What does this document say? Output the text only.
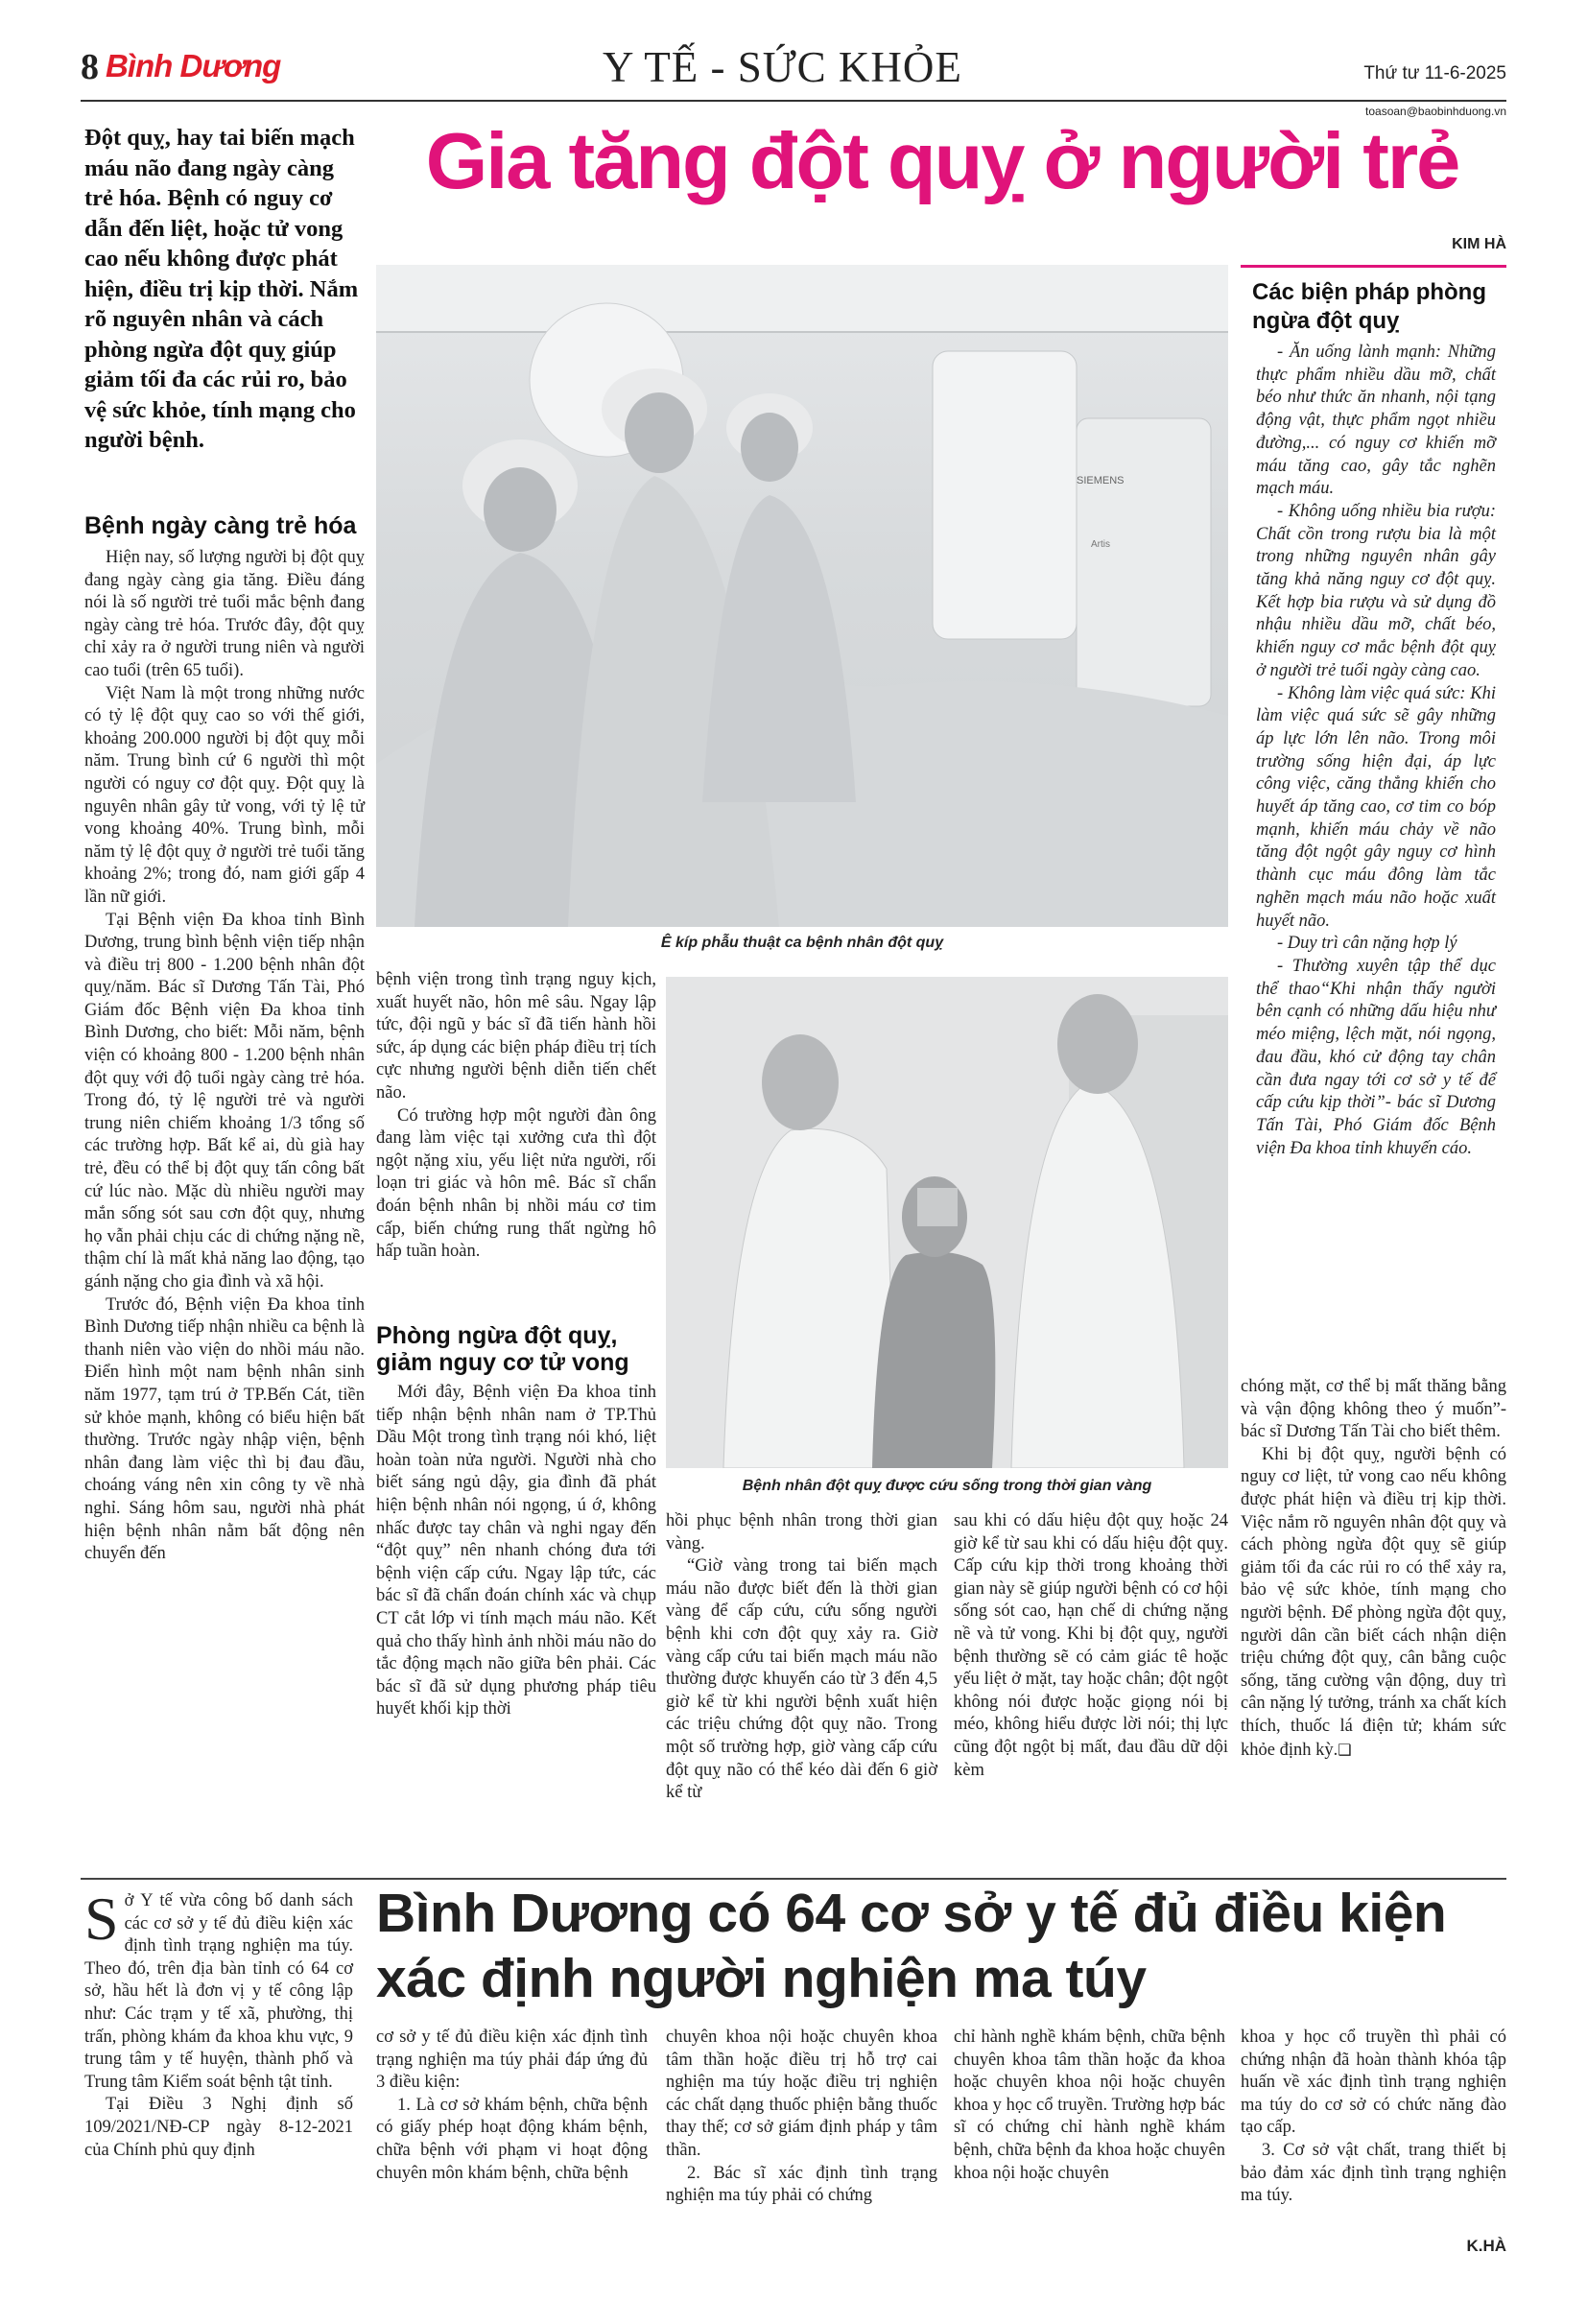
8 Bình Dương	Y TẾ - SỨC KHỎE	Thứ tư 11-6-2025
toasoan@baobinhduong.vn
Đột quỵ, hay tai biến mạch máu não đang ngày càng trẻ hóa. Bệnh có nguy cơ dẫn đến liệt, hoặc tử vong cao nếu không được phát hiện, điều trị kịp thời. Nắm rõ nguyên nhân và cách phòng ngừa đột quỵ giúp giảm tối đa các rủi ro, bảo vệ sức khỏe, tính mạng cho người bệnh.
Gia tăng đột quỵ ở người trẻ
KIM HÀ
Bệnh ngày càng trẻ hóa

Hiện nay, số lượng người bị đột quỵ đang ngày càng gia tăng. Điều đáng nói là số người trẻ tuổi mắc bệnh đang ngày càng trẻ hóa. Trước đây, đột quỵ chỉ xảy ra ở người trung niên và người cao tuổi (trên 65 tuổi).

Việt Nam là một trong những nước có tỷ lệ đột quỵ cao so với thế giới, khoảng 200.000 người bị đột quỵ mỗi năm. Trung bình cứ 6 người thì một người có nguy cơ đột quỵ. Đột quỵ là nguyên nhân gây tử vong, với tỷ lệ tử vong khoảng 40%. Trung bình, mỗi năm tỷ lệ đột quỵ ở người trẻ tuổi tăng khoảng 2%; trong đó, nam giới gấp 4 lần nữ giới.

Tại Bệnh viện Đa khoa tỉnh Bình Dương, trung bình bệnh viện tiếp nhận và điều trị 800 - 1.200 bệnh nhân đột quỵ/năm. Bác sĩ Dương Tấn Tài, Phó Giám đốc Bệnh viện Đa khoa tỉnh Bình Dương, cho biết: Mỗi năm, bệnh viện có khoảng 800 - 1.200 bệnh nhân đột quỵ với độ tuổi ngày càng trẻ hóa. Trong đó, tỷ lệ người trẻ và người trung niên chiếm khoảng 1/3 tổng số các trường hợp. Bất kể ai, dù già hay trẻ, đều có thể bị đột quỵ tấn công bất cứ lúc nào. Mặc dù nhiều người may mắn sống sót sau cơn đột quỵ, nhưng họ vẫn phải chịu các di chứng nặng nề, thậm chí là mất khả năng lao động, tạo gánh nặng cho gia đình và xã hội.

Trước đó, Bệnh viện Đa khoa tỉnh Bình Dương tiếp nhận nhiều ca bệnh là thanh niên vào viện do nhồi máu não. Điển hình một nam bệnh nhân sinh năm 1977, tạm trú ở TP.Bến Cát, tiền sử khỏe mạnh, không có biểu hiện bất thường. Trước ngày nhập viện, bệnh nhân đang làm việc thì bị đau đầu, choáng váng nên xin công ty về nhà nghỉ. Sáng hôm sau, người nhà phát hiện bệnh nhân nằm bất động nên chuyển đến

SIEMENS
Artis
Ê kíp phẫu thuật ca bệnh nhân đột quỵ
Các biện pháp phòng ngừa đột quỵ

- Ăn uống lành mạnh: Những thực phẩm nhiều dầu mỡ, chất béo như thức ăn nhanh, nội tạng động vật, thực phẩm ngọt nhiều đường,... có nguy cơ khiến mỡ máu tăng cao, gây tắc nghẽn mạch máu.

- Không uống nhiều bia rượu: Chất cồn trong rượu bia là một trong những nguyên nhân gây tăng khả năng nguy cơ đột quỵ. Kết hợp bia rượu và sử dụng đồ nhậu nhiều dầu mỡ, chất béo, khiến nguy cơ mắc bệnh đột quỵ ở người trẻ tuổi ngày càng cao.

- Không làm việc quá sức: Khi làm việc quá sức sẽ gây những áp lực lớn lên não. Trong môi trường sống hiện đại, áp lực công việc, căng thẳng khiến cho huyết áp tăng cao, cơ tim co bóp mạnh, khiến máu chảy về não tăng đột ngột gây nguy cơ hình thành cục máu đông làm tắc nghẽn mạch máu não hoặc xuất huyết não.

- Duy trì cân nặng hợp lý

- Thường xuyên tập thể dục thể thao“Khi nhận thấy người bên cạnh có những dấu hiệu như méo miệng, lệch mặt, nói ngọng, đau đầu, khó cử động tay chân cần đưa ngay tới cơ sở y tế để cấp cứu kịp thời”- bác sĩ Dương Tấn Tài, Phó Giám đốc Bệnh viện Đa khoa tỉnh khuyến cáo.

bệnh viện trong tình trạng nguy kịch, xuất huyết não, hôn mê sâu. Ngay lập tức, đội ngũ y bác sĩ đã tiến hành hồi sức, áp dụng các biện pháp điều trị tích cực nhưng người bệnh diễn tiến chết não.

Có trường hợp một người đàn ông đang làm việc tại xưởng cưa thì đột ngột nặng xỉu, yếu liệt nửa người, rối loạn tri giác và hôn mê. Bác sĩ chẩn đoán bệnh nhân bị nhồi máu cơ tim cấp, biến chứng rung thất ngừng hô hấp tuần hoàn.

Phòng ngừa đột quỵ, giảm nguy cơ tử vong

Mới đây, Bệnh viện Đa khoa tỉnh tiếp nhận bệnh nhân nam ở TP.Thủ Dầu Một trong tình trạng nói khó, liệt hoàn toàn nửa người. Người nhà cho biết sáng ngủ dậy, gia đình đã phát hiện bệnh nhân nói ngọng, ú ớ, không nhấc được tay chân và nghi ngay đến “đột quỵ” nên nhanh chóng đưa tới bệnh viện cấp cứu. Ngay lập tức, các bác sĩ đã chẩn đoán chính xác và chụp CT cắt lớp vi tính mạch máu não. Kết quả cho thấy hình ảnh nhồi máu não do tắc động mạch não giữa bên phải. Các bác sĩ đã sử dụng phương pháp tiêu huyết khối kịp thời

Bệnh nhân đột quỵ được cứu sống trong thời gian vàng

hồi phục bệnh nhân trong thời gian vàng.

“Giờ vàng trong tai biến mạch máu não được biết đến là thời gian vàng để cấp cứu, cứu sống người bệnh khi cơn đột quỵ xảy ra. Giờ vàng cấp cứu tai biến mạch máu não thường được khuyến cáo từ 3 đến 4,5 giờ kể từ khi người bệnh xuất hiện các triệu chứng đột quỵ não. Trong một số trường hợp, giờ vàng cấp cứu đột quỵ não có thể kéo dài đến 6 giờ kể từ

sau khi có dấu hiệu đột quỵ hoặc 24 giờ kể từ sau khi có dấu hiệu đột quỵ. Cấp cứu kịp thời trong khoảng thời gian này sẽ giúp người bệnh có cơ hội sống sót cao, hạn chế di chứng nặng nề và tử vong. Khi bị đột quỵ, người bệnh thường sẽ có cảm giác tê hoặc yếu liệt ở mặt, tay hoặc chân; đột ngột không nói được hoặc giọng nói bị méo, không hiểu được lời nói; thị lực cũng đột ngột bị mất, đau đầu dữ dội kèm

chóng mặt, cơ thể bị mất thăng bằng và vận động không theo ý muốn”- bác sĩ Dương Tấn Tài cho biết thêm.

Khi bị đột quỵ, người bệnh có nguy cơ liệt, tử vong cao nếu không được phát hiện và điều trị kịp thời. Việc nắm rõ nguyên nhân đột quỵ và cách phòng ngừa đột quỵ sẽ giúp giảm tối đa các rủi ro có thể xảy ra, bảo vệ sức khỏe, tính mạng cho người bệnh. Để phòng ngừa đột quỵ, người dân cần biết cách nhận diện triệu chứng đột quỵ, cân bằng cuộc sống, tăng cường vận động, duy trì cân nặng lý tưởng, tránh xa chất kích thích, thuốc lá điện tử; khám sức khỏe định kỳ.❑

Sở Y tế vừa công bố danh sách các cơ sở y tế đủ điều kiện xác định tình trạng nghiện ma túy. Theo đó, trên địa bàn tỉnh có 64 cơ sở, hầu hết là đơn vị y tế công lập như: Các trạm y tế xã, phường, thị trấn, phòng khám đa khoa khu vực, 9 trung tâm y tế huyện, thành phố và Trung tâm Kiểm soát bệnh tật tỉnh.

Tại Điều 3 Nghị định số 109/2021/NĐ-CP ngày 8-12-2021 của Chính phủ quy định

Bình Dương có 64 cơ sở y tế đủ điều kiện xác định người nghiện ma túy

cơ sở y tế đủ điều kiện xác định tình trạng nghiện ma túy phải đáp ứng đủ 3 điều kiện:

1. Là cơ sở khám bệnh, chữa bệnh có giấy phép hoạt động khám bệnh, chữa bệnh với phạm vi hoạt động chuyên môn khám bệnh, chữa bệnh

chuyên khoa nội hoặc chuyên khoa tâm thần hoặc điều trị hỗ trợ cai nghiện ma túy hoặc điều trị nghiện các chất dạng thuốc phiện bằng thuốc thay thế; cơ sở giám định pháp y tâm thần.

2. Bác sĩ xác định tình trạng nghiện ma túy phải có chứng

chỉ hành nghề khám bệnh, chữa bệnh chuyên khoa tâm thần hoặc đa khoa hoặc chuyên khoa nội hoặc chuyên khoa y học cổ truyền. Trường hợp bác sĩ có chứng chỉ hành nghề khám bệnh, chữa bệnh đa khoa hoặc chuyên khoa nội hoặc chuyên

khoa y học cổ truyền thì phải có chứng nhận đã hoàn thành khóa tập huấn về xác định tình trạng nghiện ma túy do cơ sở có chức năng đào tạo cấp.

3. Cơ sở vật chất, trang thiết bị bảo đảm xác định tình trạng nghiện ma túy.

K.HÀ
